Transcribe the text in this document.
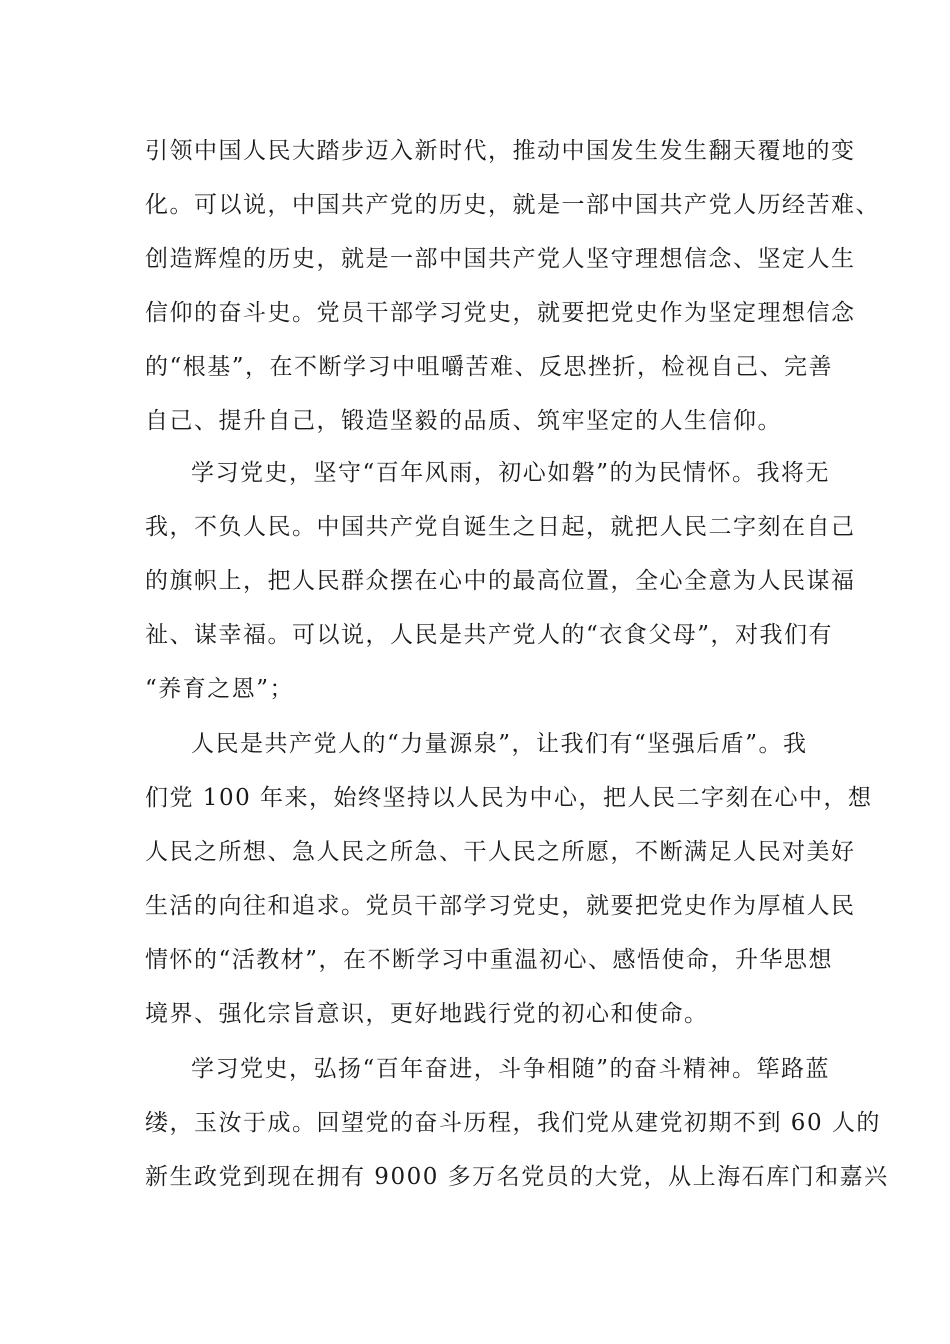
引领中国人民大踏步迈入新时代，推动中国发生发生翻天覆地的变
化。可以说，中国共产党的历史，就是一部中国共产党人历经苦难、
创造辉煌的历史，就是一部中国共产党人坚守理想信念、坚定人生
信仰的奋斗史。党员干部学习党史，就要把党史作为坚定理想信念
的“根基”，在不断学习中咀嚼苦难、反思挫折，检视自己、完善
自己、提升自己，锻造坚毅的品质、筑牢坚定的人生信仰。
学习党史，坚守“百年风雨，初心如磐”的为民情怀。我将无
我，不负人民。中国共产党自诞生之日起，就把人民二字刻在自己
的旗帜上，把人民群众摆在心中的最高位置，全心全意为人民谋福
祉、谋幸福。可以说，人民是共产党人的“衣食父母”，对我们有
“养育之恩”；
人民是共产党人的“力量源泉”，让我们有“坚强后盾”。我
们党 100 年来，始终坚持以人民为中心，把人民二字刻在心中，想
人民之所想、急人民之所急、干人民之所愿，不断满足人民对美好
生活的向往和追求。党员干部学习党史，就要把党史作为厚植人民
情怀的“活教材”，在不断学习中重温初心、感悟使命，升华思想
境界、强化宗旨意识，更好地践行党的初心和使命。
学习党史，弘扬“百年奋进，斗争相随”的奋斗精神。筚路蓝
缕，玉汝于成。回望党的奋斗历程，我们党从建党初期不到 60 人的
新生政党到现在拥有 9000 多万名党员的大党，从上海石库门和嘉兴
